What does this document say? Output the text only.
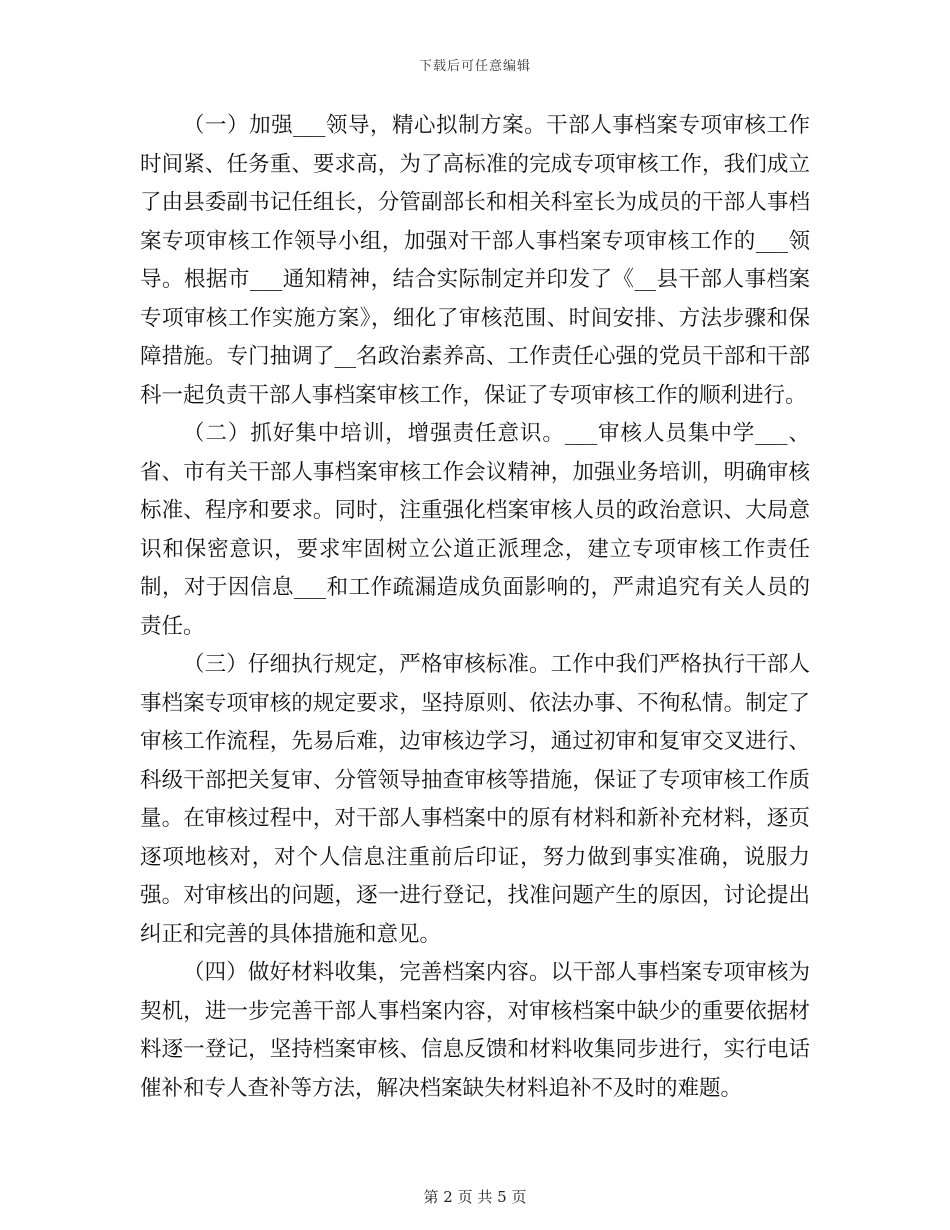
下载后可任意编辑

（一）加强___领导，精心拟制方案。干部人事档案专项审核工作时间紧、任务重、要求高，为了高标准的完成专项审核工作，我们成立了由县委副书记任组长，分管副部长和相关科室长为成员的干部人事档案专项审核工作领导小组，加强对干部人事档案专项审核工作的___领导。根据市___通知精神，结合实际制定并印发了《__县干部人事档案专项审核工作实施方案》，细化了审核范围、时间安排、方法步骤和保障措施。专门抽调了__名政治素养高、工作责任心强的党员干部和干部科一起负责干部人事档案审核工作，保证了专项审核工作的顺利进行。

（二）抓好集中培训，增强责任意识。___审核人员集中学___、省、市有关干部人事档案审核工作会议精神，加强业务培训，明确审核标准、程序和要求。同时，注重强化档案审核人员的政治意识、大局意识和保密意识，要求牢固树立公道正派理念，建立专项审核工作责任制，对于因信息___和工作疏漏造成负面影响的，严肃追究有关人员的责任。

（三）仔细执行规定，严格审核标准。工作中我们严格执行干部人事档案专项审核的规定要求，坚持原则、依法办事、不徇私情。制定了审核工作流程，先易后难，边审核边学习，通过初审和复审交叉进行、科级干部把关复审、分管领导抽查审核等措施，保证了专项审核工作质量。在审核过程中，对干部人事档案中的原有材料和新补充材料，逐页逐项地核对，对个人信息注重前后印证，努力做到事实准确，说服力强。对审核出的问题，逐一进行登记，找准问题产生的原因，讨论提出纠正和完善的具体措施和意见。

（四）做好材料收集，完善档案内容。以干部人事档案专项审核为契机，进一步完善干部人事档案内容，对审核档案中缺少的重要依据材料逐一登记，坚持档案审核、信息反馈和材料收集同步进行，实行电话催补和专人查补等方法，解决档案缺失材料追补不及时的难题。

第 2 页 共 5 页
